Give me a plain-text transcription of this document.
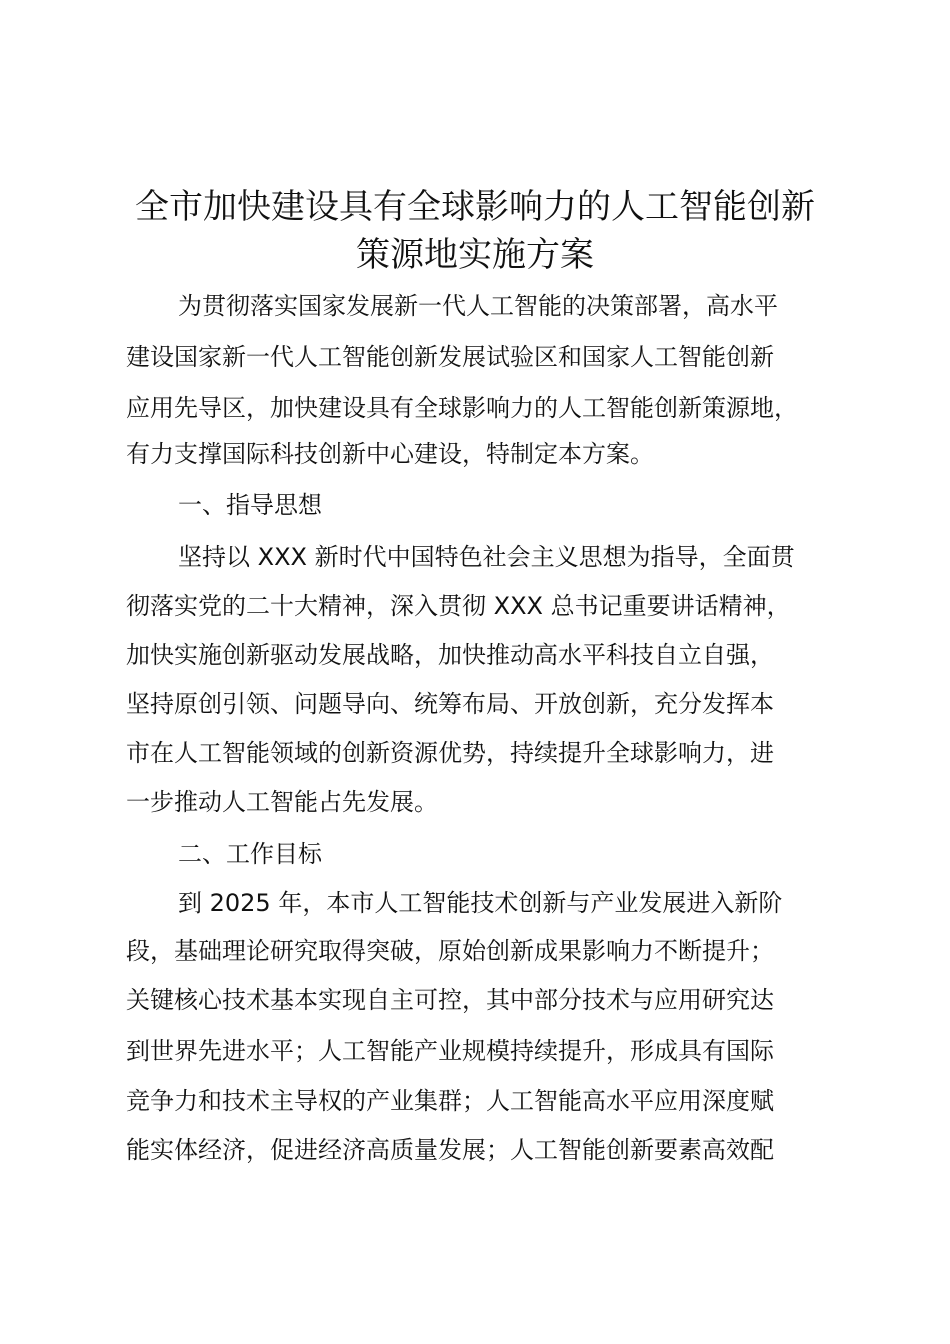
全市加快建设具有全球影响力的人工智能创新
策源地实施方案
为贯彻落实国家发展新一代人工智能的决策部署，高水平
建设国家新一代人工智能创新发展试验区和国家人工智能创新
应用先导区，加快建设具有全球影响力的人工智能创新策源地，
有力支撑国际科技创新中心建设，特制定本方案。
一、指导思想
坚持以 XXX 新时代中国特色社会主义思想为指导，全面贯
彻落实党的二十大精神，深入贯彻 XXX 总书记重要讲话精神，
加快实施创新驱动发展战略，加快推动高水平科技自立自强，
坚持原创引领、问题导向、统筹布局、开放创新，充分发挥本
市在人工智能领域的创新资源优势，持续提升全球影响力，进
一步推动人工智能占先发展。
二、工作目标
到 2025 年，本市人工智能技术创新与产业发展进入新阶
段，基础理论研究取得突破，原始创新成果影响力不断提升；
关键核心技术基本实现自主可控，其中部分技术与应用研究达
到世界先进水平；人工智能产业规模持续提升，形成具有国际
竞争力和技术主导权的产业集群；人工智能高水平应用深度赋
能实体经济，促进经济高质量发展；人工智能创新要素高效配
